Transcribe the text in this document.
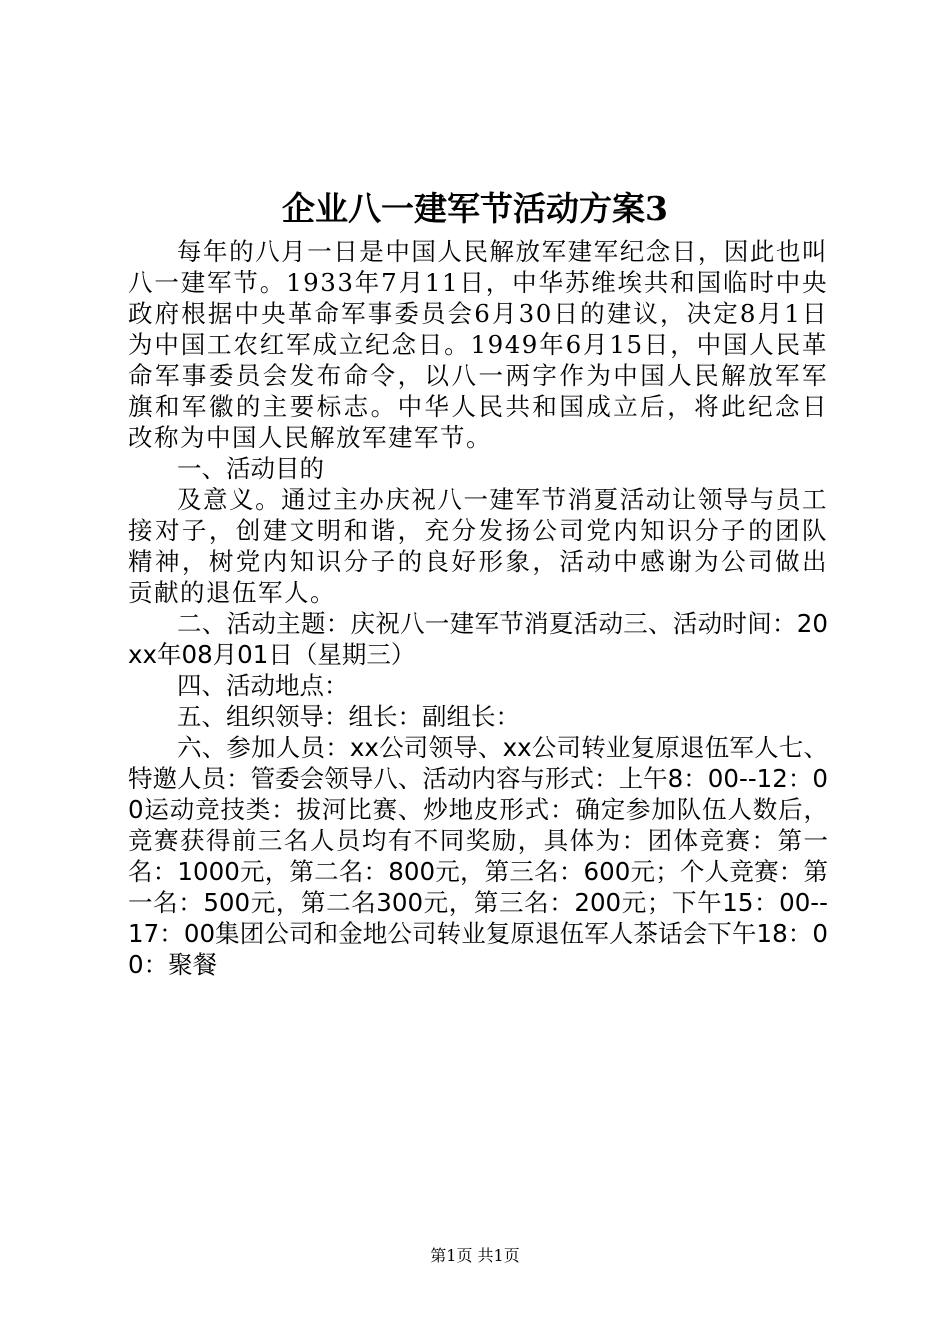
企业八一建军节活动方案3

每年的八月一日是中国人民解放军建军纪念日，因此也叫八一建军节。1933年7月11日，中华苏维埃共和国临时中央政府根据中央革命军事委员会6月30日的建议，决定8月1日为中国工农红军成立纪念日。1949年6月15日，中国人民革命军事委员会发布命令，以八一两字作为中国人民解放军军旗和军徽的主要标志。中华人民共和国成立后，将此纪念日改称为中国人民解放军建军节。

一、活动目的

及意义。通过主办庆祝八一建军节消夏活动让领导与员工接对子，创建文明和谐，充分发扬公司党内知识分子的团队精神，树党内知识分子的良好形象，活动中感谢为公司做出贡献的退伍军人。

二、活动主题：庆祝八一建军节消夏活动三、活动时间：20xx年08月01日（星期三）

四、活动地点：

五、组织领导：组长：副组长：

六、参加人员：xx公司领导、xx公司转业复原退伍军人七、特邀人员：管委会领导八、活动内容与形式：上午8：00--12：00运动竞技类：拔河比赛、炒地皮形式：确定参加队伍人数后，竞赛获得前三名人员均有不同奖励，具体为：团体竞赛：第一名：1000元，第二名：800元，第三名：600元；个人竞赛：第一名：500元，第二名300元，第三名：200元；下午15：00--17：00集团公司和金地公司转业复原退伍军人茶话会下午18：00：聚餐

第1页 共1页
